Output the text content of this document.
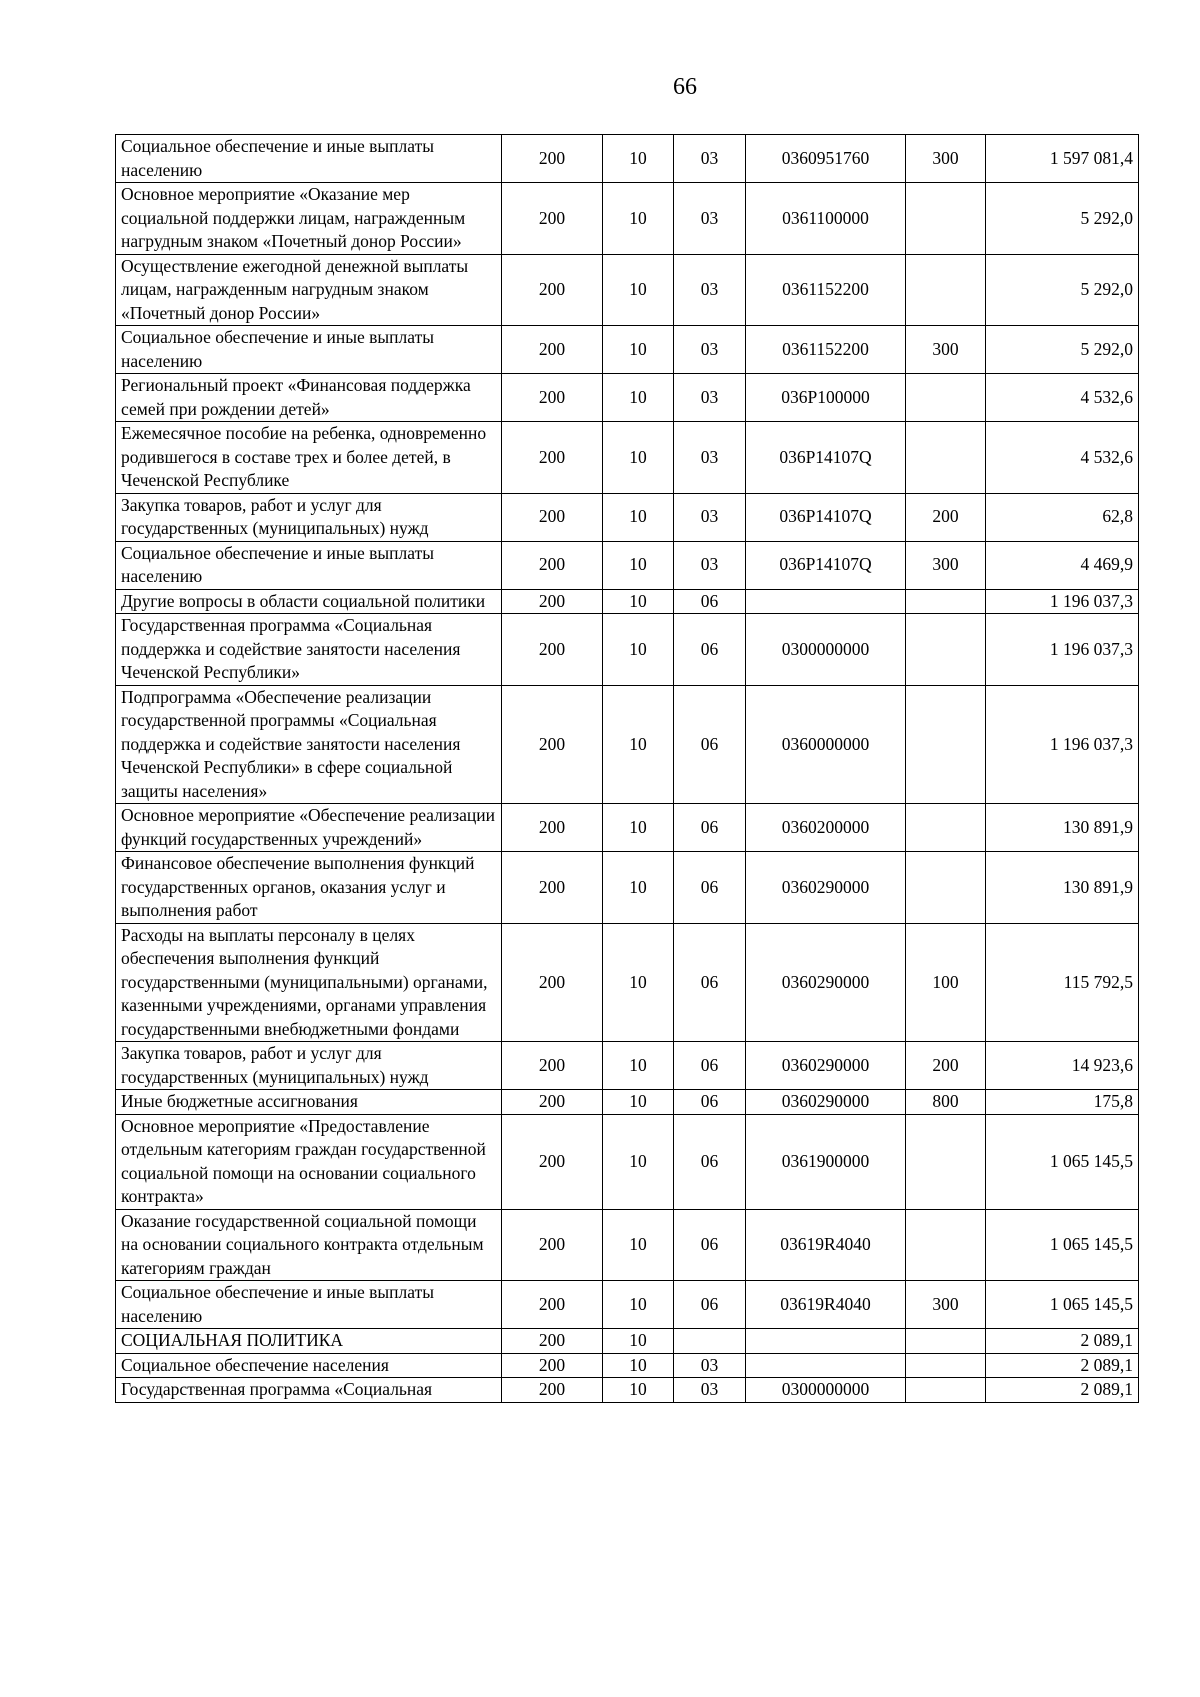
66
Социальное обеспечение и иные выплаты населению	200	10	03	0360951760	300	1 597 081,4
Основное мероприятие «Оказание мер социальной поддержки лицам, награжденным нагрудным знаком «Почетный донор России»	200	10	03	0361100000		5 292,0
Осуществление ежегодной денежной выплаты лицам, награжденным нагрудным знаком «Почетный донор России»	200	10	03	0361152200		5 292,0
Социальное обеспечение и иные выплаты населению	200	10	03	0361152200	300	5 292,0
Региональный проект «Финансовая поддержка семей при рождении детей»	200	10	03	036P100000		4 532,6
Ежемесячное пособие на ребенка, одновременно родившегося в составе трех и более детей, в Чеченской Республике	200	10	03	036P14107Q		4 532,6
Закупка товаров, работ и услуг для государственных (муниципальных) нужд	200	10	03	036P14107Q	200	62,8
Социальное обеспечение и иные выплаты населению	200	10	03	036P14107Q	300	4 469,9
Другие вопросы в области социальной политики	200	10	06			1 196 037,3
Государственная программа «Социальная поддержка и содействие занятости населения Чеченской Республики»	200	10	06	0300000000		1 196 037,3
Подпрограмма «Обеспечение реализации государственной программы «Социальная поддержка и содействие занятости населения Чеченской Республики» в сфере социальной защиты населения»	200	10	06	0360000000		1 196 037,3
Основное мероприятие «Обеспечение реализации функций государственных учреждений»	200	10	06	0360200000		130 891,9
Финансовое обеспечение выполнения функций государственных органов, оказания услуг и выполнения работ	200	10	06	0360290000		130 891,9
Расходы на выплаты персоналу в целях обеспечения выполнения функций государственными (муниципальными) органами, казенными учреждениями, органами управления государственными внебюджетными фондами	200	10	06	0360290000	100	115 792,5
Закупка товаров, работ и услуг для государственных (муниципальных) нужд	200	10	06	0360290000	200	14 923,6
Иные бюджетные ассигнования	200	10	06	0360290000	800	175,8
Основное мероприятие «Предоставление отдельным категориям граждан государственной социальной помощи на основании социального контракта»	200	10	06	0361900000		1 065 145,5
Оказание государственной социальной помощи на основании социального контракта отдельным категориям граждан	200	10	06	03619R4040		1 065 145,5
Социальное обеспечение и иные выплаты населению	200	10	06	03619R4040	300	1 065 145,5
СОЦИАЛЬНАЯ ПОЛИТИКА	200	10				2 089,1
Социальное обеспечение населения	200	10	03			2 089,1
Государственная программа «Социальная	200	10	03	0300000000		2 089,1
